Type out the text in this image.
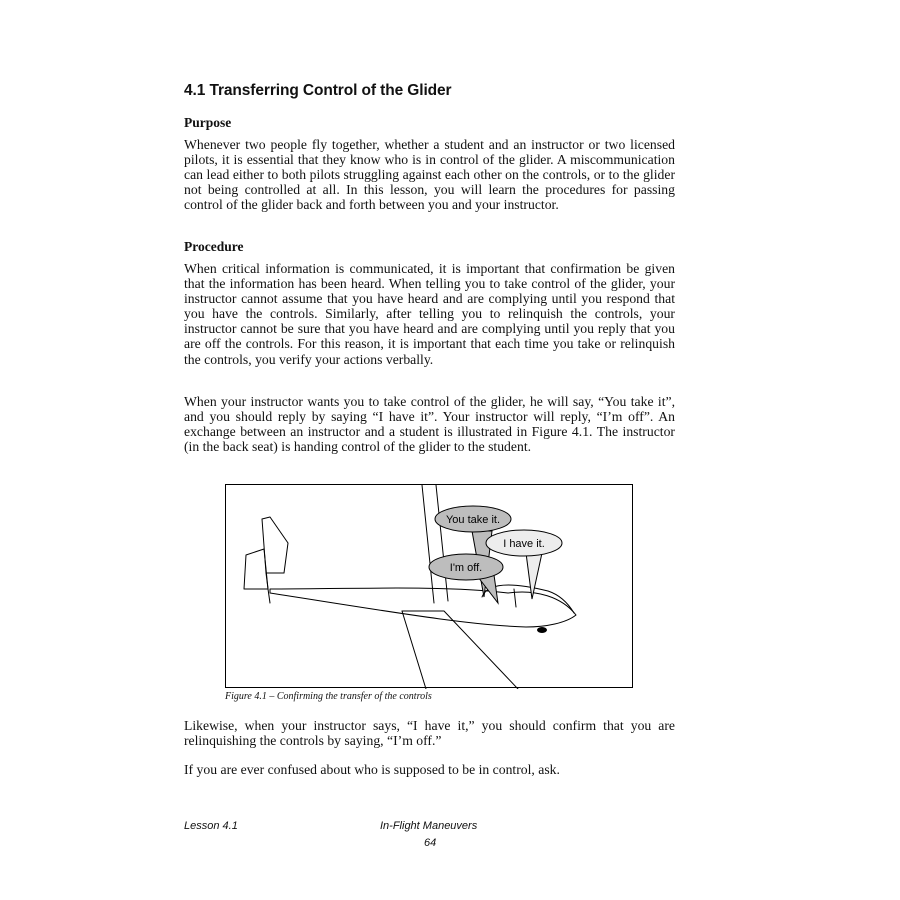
4.1 Transferring Control of the Glider
Purpose

Whenever two people fly together, whether a student and an instructor or two licensed pilots, it is essential that they know who is in control of the glider. A miscommunication can lead either to both pilots struggling against each other on the controls, or to the glider not being controlled at all. In this lesson, you will learn the procedures for passing control of the glider back and forth between you and your instructor.

Procedure

When critical information is communicated, it is important that confirmation be given that the information has been heard. When telling you to take control of the glider, your instructor cannot assume that you have heard and are complying until you respond that you have the controls. Similarly, after telling you to relinquish the controls, your instructor cannot be sure that you have heard and are complying until you reply that you are off the controls. For this reason, it is important that each time you take or relinquish the controls, you verify your actions verbally.

When your instructor wants you to take control of the glider, he will say, “You take it”, and you should reply by saying “I have it”. Your instructor will reply, “I’m off”. An exchange between an instructor and a student is illustrated in Figure 4.1. The instructor (in the back seat) is handing control of the glider to the student.

You take it.
I have it.
I'm off.

Figure 4.1 – Confirming the transfer of the controls

Likewise, when your instructor says, “I have it,” you should confirm that you are relinquishing the controls by saying, “I’m off.”

If you are ever confused about who is supposed to be in control, ask.

Lesson 4.1	In-Flight Maneuvers

64
